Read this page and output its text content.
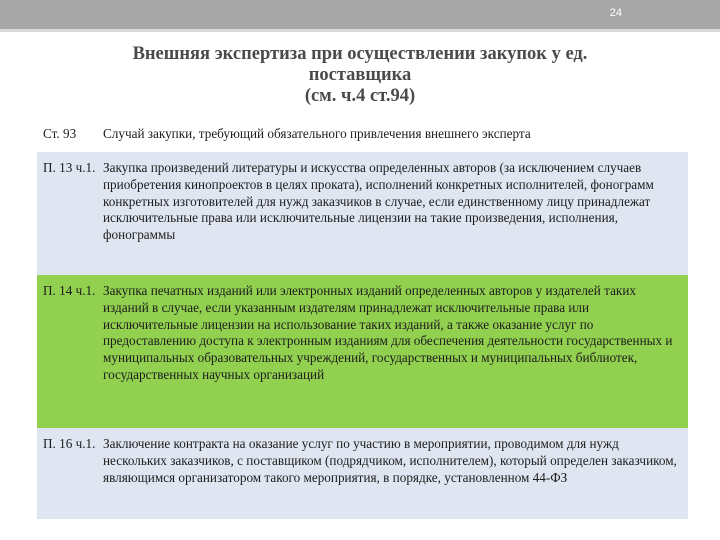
24
Внешняя экспертиза при осуществлении закупок у ед.
поставщика
(см. ч.4 ст.94)
Ст. 93	Случай закупки, требующий обязательного привлечения внешнего эксперта
П. 13 ч.1. Закупка произведений литературы и искусства определенных авторов (за исключением случаев приобретения кинопроектов в целях проката), исполнений конкретных исполнителей, фонограмм конкретных изготовителей для нужд заказчиков в случае, если единственному лицу принадлежат исключительные права или исключительные лицензии на такие произведения, исполнения, фонограммы
П. 14 ч.1. Закупка печатных изданий или электронных изданий определенных авторов у издателей таких изданий в случае, если указанным издателям принадлежат исключительные права или исключительные лицензии на использование таких изданий, а также оказание услуг по предоставлению доступа к электронным изданиям для обеспечения деятельности государственных и муниципальных образовательных учреждений, государственных и муниципальных библиотек, государственных научных организаций
П. 16 ч.1. Заключение контракта на оказание услуг по участию в мероприятии, проводимом для нужд нескольких заказчиков, с поставщиком (подрядчиком, исполнителем), который определен заказчиком, являющимся организатором такого мероприятия, в порядке, установленном 44-ФЗ
